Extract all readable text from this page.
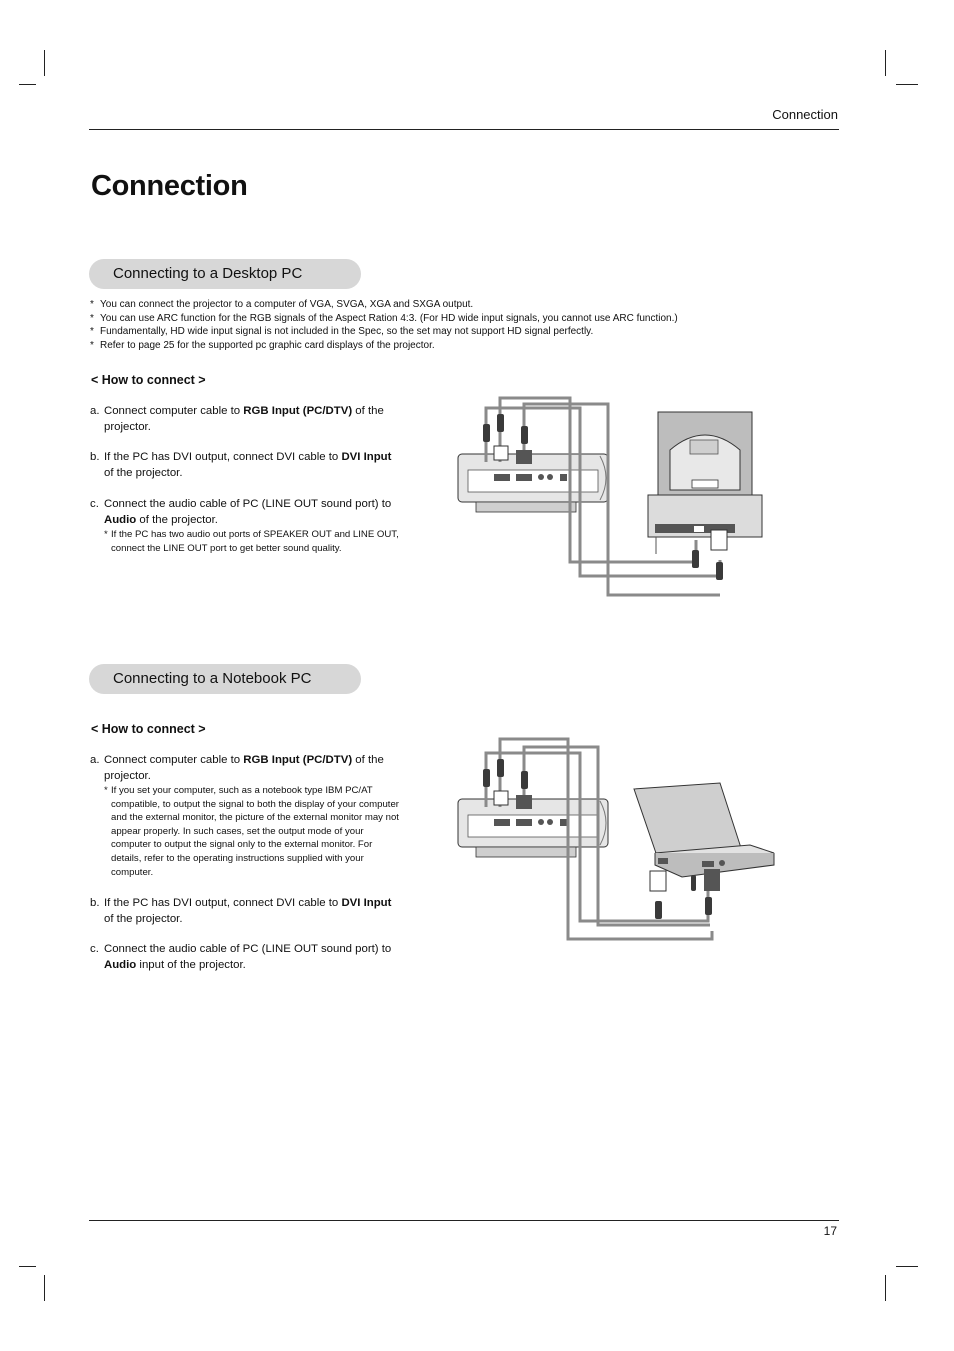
Connection
Connection
Connecting to a Desktop PC
* You can connect the projector to a computer of VGA, SVGA, XGA and SXGA output.
* You can use ARC function for the RGB signals of the Aspect Ration 4:3. (For HD wide input signals, you cannot use ARC function.)
* Fundamentally, HD wide input signal is not included in the Spec, so the set may not support HD signal perfectly.
* Refer to page 25 for the supported pc graphic card displays of the projector.
< How to connect >
a. Connect computer cable to RGB Input (PC/DTV) of the
projector.
b. If the PC has DVI output, connect DVI cable to DVI Input
of the projector.
c. Connect the audio cable of PC (LINE OUT sound port) to
Audio of the projector.
* If the PC has two audio out ports of SPEAKER OUT and LINE OUT, connect the LINE OUT port to get better sound quality.
Connecting to a Notebook PC
< How to connect >
a. Connect computer cable to RGB Input (PC/DTV) of the
projector.
* If you set your computer, such as a notebook type IBM PC/AT compatible, to output the signal to both the display of your computer and the external monitor, the picture of the external monitor may not appear properly. In such cases, set the output mode of your computer to output the signal only to the external monitor. For details, refer to the operating instructions supplied with your computer.
b. If the PC has DVI output, connect DVI cable to DVI Input
of the projector.
c. Connect the audio cable of PC (LINE OUT sound port) to
Audio input of the projector.
17
